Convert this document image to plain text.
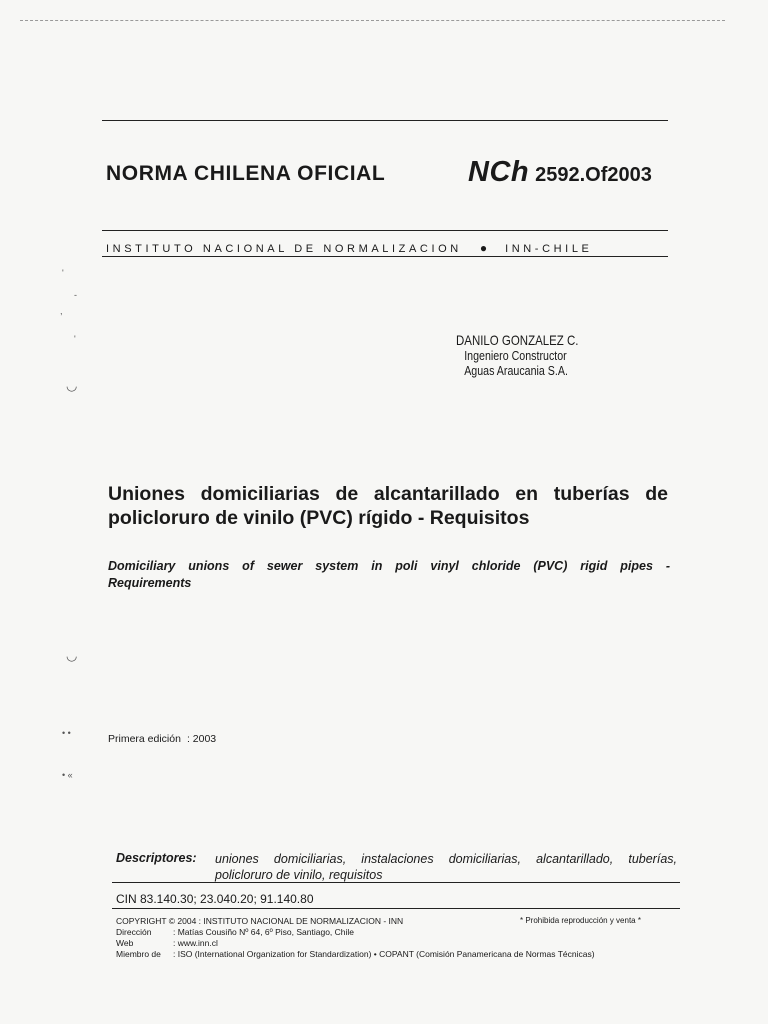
NORMA CHILENA OFICIAL	NCh 2592.Of2003
INSTITUTO NACIONAL DE NORMALIZACION ● INN-CHILE
'
-
,
'
◡
◡
• •
• «
DANILO GONZALEZ C.
Ingeniero Constructor
Aguas Araucania S.A.
Uniones domiciliarias de alcantarillado en tuberías de
policloruro de vinilo (PVC) rígido - Requisitos
Domiciliary unions of sewer system in poli vinyl chloride (PVC) rigid pipes -
Requirements
Primera edición : 2003
Descriptores: uniones domiciliarias, instalaciones domiciliarias, alcantarillado, tuberías,
policloruro de vinilo, requisitos
CIN 83.140.30; 23.040.20; 91.140.80
COPYRIGHT © 2004 : INSTITUTO NACIONAL DE NORMALIZACION - INN	* Prohibida reproducción y venta *
Dirección	: Matías Cousiño Nº 64, 6º Piso, Santiago, Chile
Web	: www.inn.cl
Miembro de : ISO (International Organization for Standardization) • COPANT (Comisión Panamericana de Normas Técnicas)
